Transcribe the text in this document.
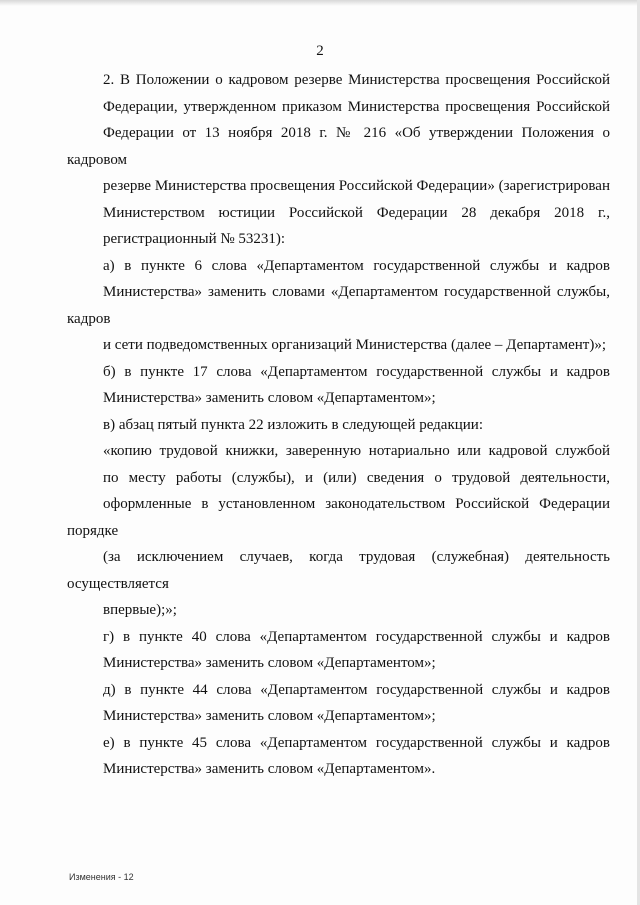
2

2. В Положении о кадровом резерве Министерства просвещения Российской
Федерации, утвержденном приказом Министерства просвещения Российской
Федерации от 13 ноября 2018 г. № 216 «Об утверждении Положения о кадровом
резерве Министерства просвещения Российской Федерации» (зарегистрирован
Министерством юстиции Российской Федерации 28 декабря 2018 г.,
регистрационный № 53231):

а) в пункте 6 слова «Департаментом государственной службы и кадров
Министерства» заменить словами «Департаментом государственной службы, кадров
и сети подведомственных организаций Министерства (далее – Департамент)»;

б) в пункте 17 слова «Департаментом государственной службы и кадров
Министерства» заменить словом «Департаментом»;

в) абзац пятый пункта 22 изложить в следующей редакции:

«копию трудовой книжки, заверенную нотариально или кадровой службой
по месту работы (службы), и (или) сведения о трудовой деятельности,
оформленные в установленном законодательством Российской Федерации порядке
(за исключением случаев, когда трудовая (служебная) деятельность осуществляется
впервые);»;

г) в пункте 40 слова «Департаментом государственной службы и кадров
Министерства» заменить словом «Департаментом»;

д) в пункте 44 слова «Департаментом государственной службы и кадров
Министерства» заменить словом «Департаментом»;

е) в пункте 45 слова «Департаментом государственной службы и кадров
Министерства» заменить словом «Департаментом».

Изменения - 12
